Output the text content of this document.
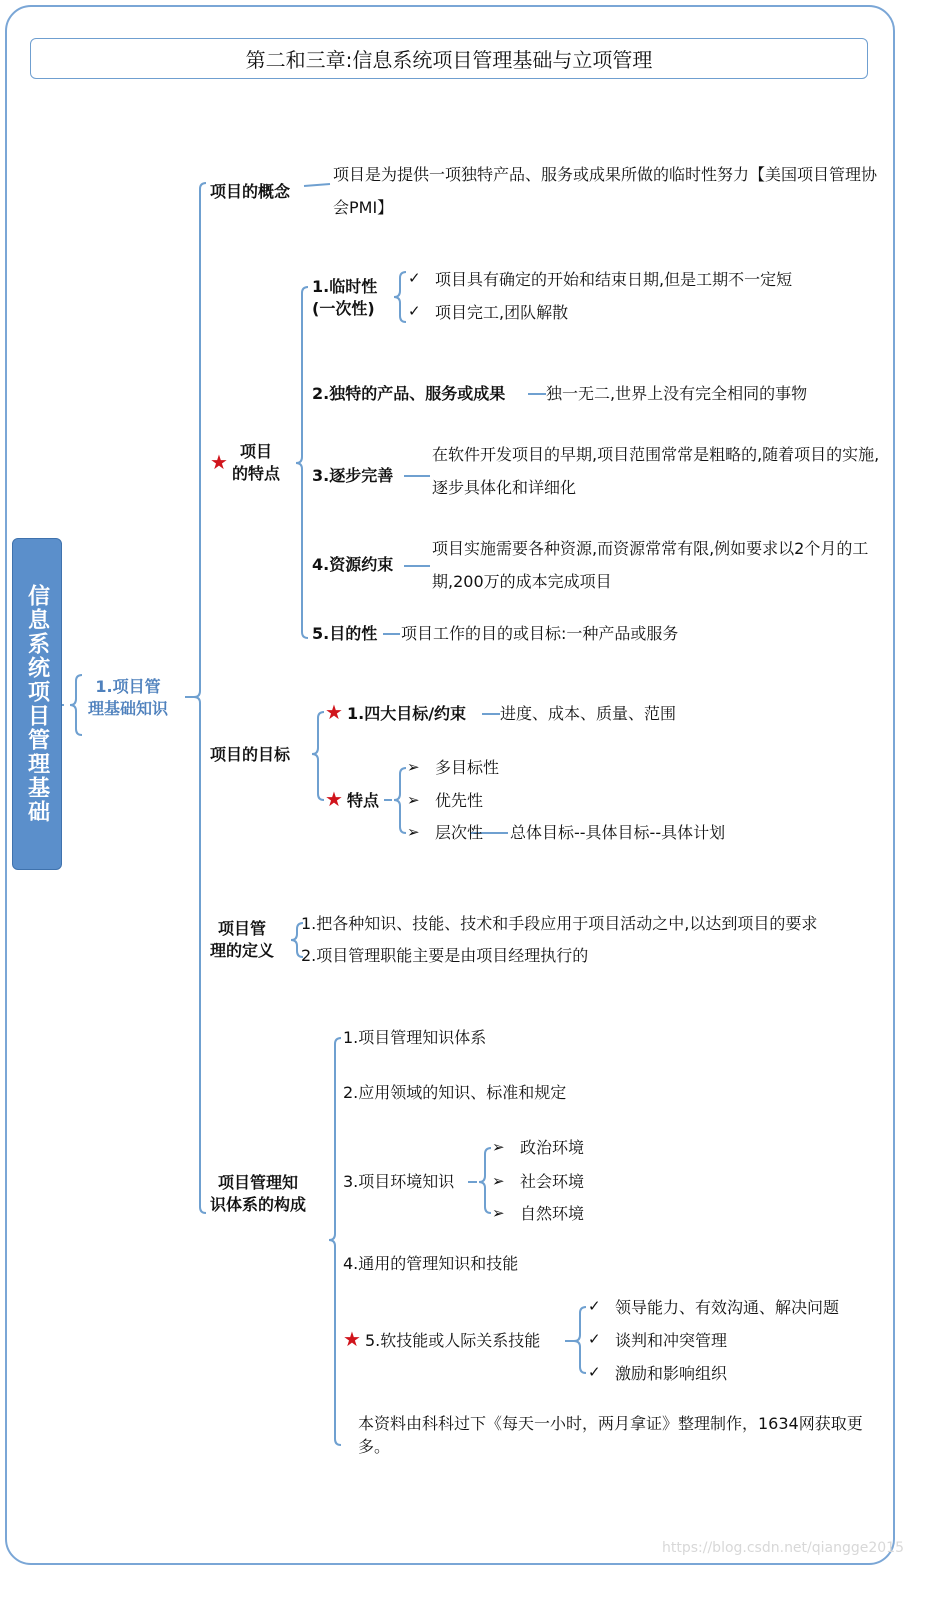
第二和三章:信息系统项目管理基础与立项管理
信息系统项目管理基础	1.项目管
理基础知识
项目的概念
项目是为提供一项独特产品、服务或成果所做的临时性努力【美国项目管理协会PMI】
★ 项目
的特点
1.临时性
(一次性)
✓ 项目具有确定的开始和结束日期,但是工期不一定短
✓ 项目完工,团队解散
2.独特的产品、服务或成果	独一无二,世界上没有完全相同的事物
3.逐步完善
在软件开发项目的早期,项目范围常常是粗略的,随着项目的实施,逐步具体化和详细化
4.资源约束
项目实施需要各种资源,而资源常常有限,例如要求以2个月的工期,200万的成本完成项目
5.目的性 项目工作的目的或目标:一种产品或服务
项目的目标
★ 1.四大目标/约束 进度、成本、质量、范围
★ 特点
➢ 多目标性
➢ 优先性
➢ 层次性 总体目标--具体目标--具体计划
项目管
理的定义
1.把各种知识、技能、技术和手段应用于项目活动之中,以达到项目的要求
2.项目管理职能主要是由项目经理执行的
项目管理知
识体系的构成
1.项目管理知识体系
2.应用领域的知识、标准和规定
3.项目环境知识
➢ 政治环境
➢ 社会环境
➢ 自然环境
4.通用的管理知识和技能
★ 5.软技能或人际关系技能
✓ 领导能力、有效沟通、解决问题
✓ 谈判和冲突管理
✓ 激励和影响组织
本资料由科科过下《每天一小时，两月拿证》整理制作，1634网获取更多。
https://blog.csdn.net/qiangge2015
